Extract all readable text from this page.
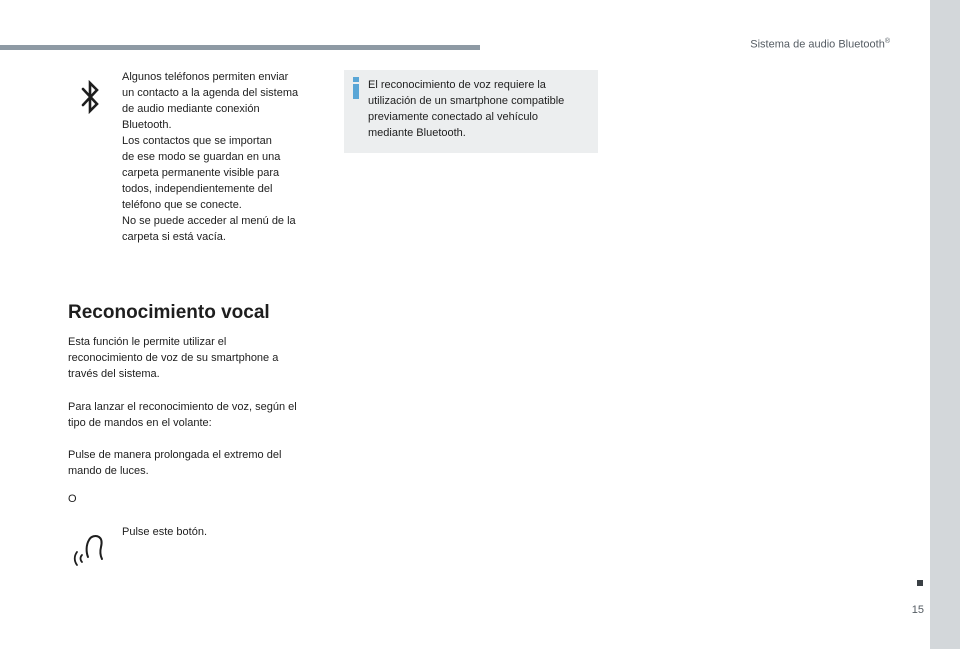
Sistema de audio Bluetooth®
Algunos teléfonos permiten enviar
un contacto a la agenda del sistema
de audio mediante conexión
Bluetooth.
Los contactos que se importan
de ese modo se guardan en una
carpeta permanente visible para
todos, independientemente del
teléfono que se conecte.
No se puede acceder al menú de la
carpeta si está vacía.
El reconocimiento de voz requiere la
utilización de un smartphone compatible
previamente conectado al vehículo
mediante Bluetooth.
Reconocimiento vocal
Esta función le permite utilizar el
reconocimiento de voz de su smartphone a
través del sistema.
Para lanzar el reconocimiento de voz, según el
tipo de mandos en el volante:
Pulse de manera prolongada el extremo del
mando de luces.
O
Pulse este botón.
15
